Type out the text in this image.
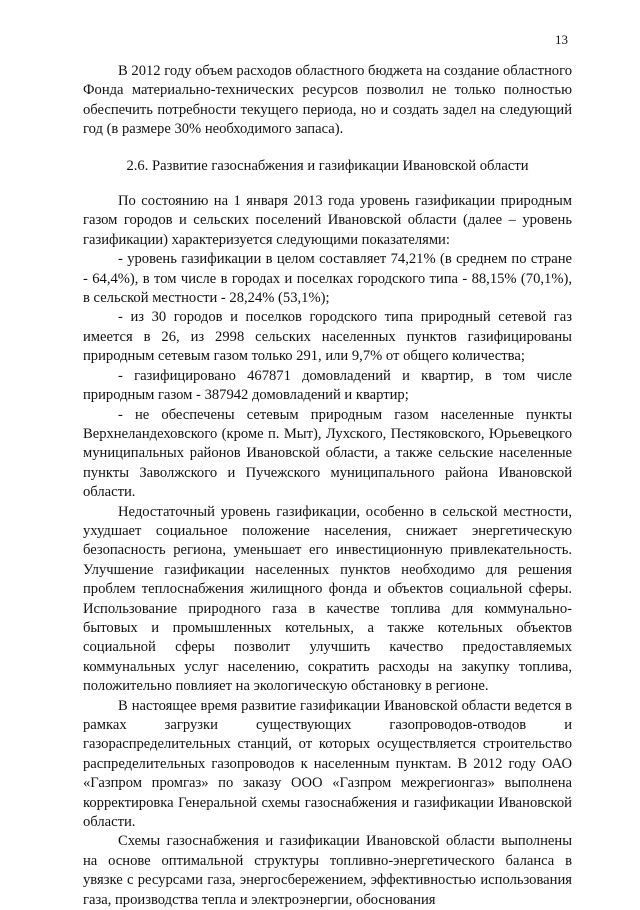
13

В 2012 году объем расходов областного бюджета на создание областного Фонда материально-технических ресурсов позволил не только полностью обеспечить потребности текущего периода, но и создать задел на следующий год (в размере 30% необходимого запаса).

2.6. Развитие газоснабжения и газификации Ивановской области

По состоянию на 1 января 2013 года уровень газификации природным газом городов и сельских поселений Ивановской области (далее – уровень газификации) характеризуется следующими показателями:

- уровень газификации в целом составляет 74,21% (в среднем по стране - 64,4%), в том числе в городах и поселках городского типа - 88,15% (70,1%), в сельской местности - 28,24% (53,1%);

- из 30 городов и поселков городского типа природный сетевой газ имеется в 26, из 2998 сельских населенных пунктов газифицированы природным сетевым газом только 291, или 9,7% от общего количества;

- газифицировано 467871 домовладений и квартир, в том числе природным газом - 387942 домовладений и квартир;

- не обеспечены сетевым природным газом населенные пункты Верхнеландеховского (кроме п. Мыт), Лухского, Пестяковского, Юрьевецкого муниципальных районов Ивановской области, а также сельские населенные пункты Заволжского и Пучежского муниципального района Ивановской области.

Недостаточный уровень газификации, особенно в сельской местности, ухудшает социальное положение населения, снижает энергетическую безопасность региона, уменьшает его инвестиционную привлекательность. Улучшение газификации населенных пунктов необходимо для решения проблем теплоснабжения жилищного фонда и объектов социальной сферы. Использование природного газа в качестве топлива для коммунально-бытовых и промышленных котельных, а также котельных объектов социальной сферы позволит улучшить качество предоставляемых коммунальных услуг населению, сократить расходы на закупку топлива, положительно повлияет на экологическую обстановку в регионе.

В настоящее время развитие газификации Ивановской области ведется в рамках загрузки существующих газопроводов-отводов и газораспределительных станций, от которых осуществляется строительство распределительных газопроводов к населенным пунктам. В 2012 году ОАО «Газпром промгаз» по заказу ООО «Газпром межрегионгаз» выполнена корректировка Генеральной схемы газоснабжения и газификации Ивановской области.

Схемы газоснабжения и газификации Ивановской области выполнены на основе оптимальной структуры топливно-энергетического баланса в увязке с ресурсами газа, энергосбережением, эффективностью использования газа, производства тепла и электроэнергии, обоснования
